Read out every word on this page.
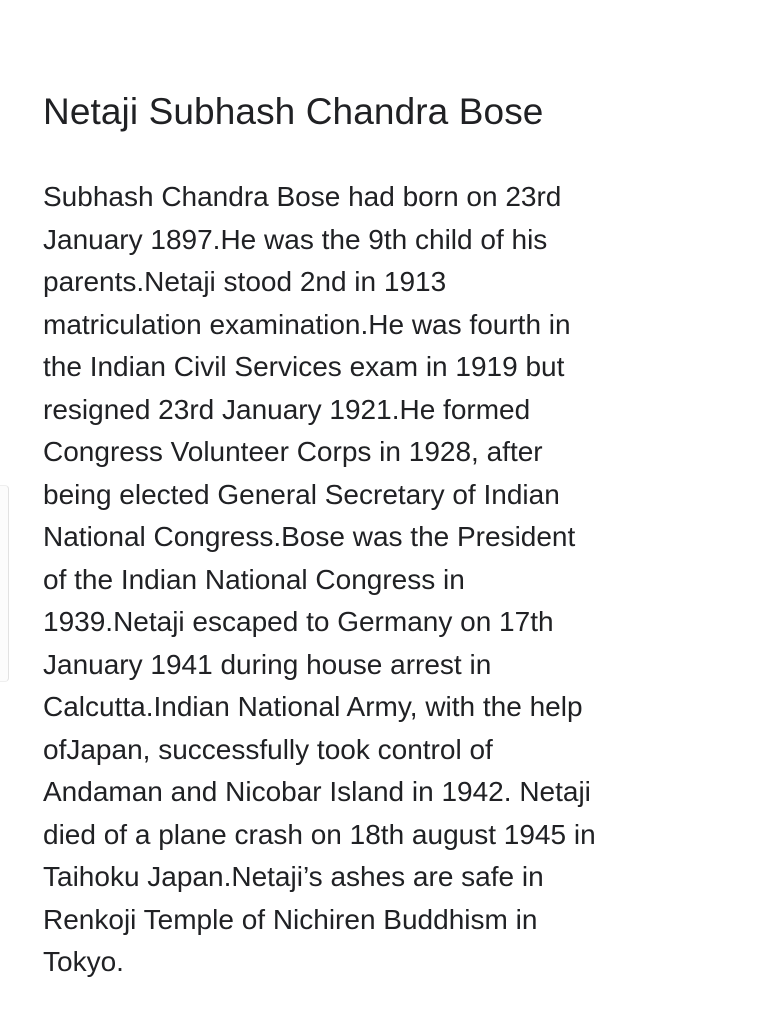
Netaji Subhash Chandra Bose

Subhash Chandra Bose had born on 23rd
January 1897.He was the 9th child of his
parents.Netaji stood 2nd in 1913
matriculation examination.He was fourth in
the Indian Civil Services exam in 1919 but
resigned 23rd January 1921.He formed
Congress Volunteer Corps in 1928, after
being elected General Secretary of Indian
National Congress.Bose was the President
of the Indian National Congress in
1939.Netaji escaped to Germany on 17th
January 1941 during house arrest in
Calcutta.Indian National Army, with the help
ofJapan, successfully took control of
Andaman and Nicobar Island in 1942. Netaji
died of a plane crash on 18th august 1945 in
Taihoku Japan.Netaji’s ashes are safe in
Renkoji Temple of Nichiren Buddhism in
Tokyo.
